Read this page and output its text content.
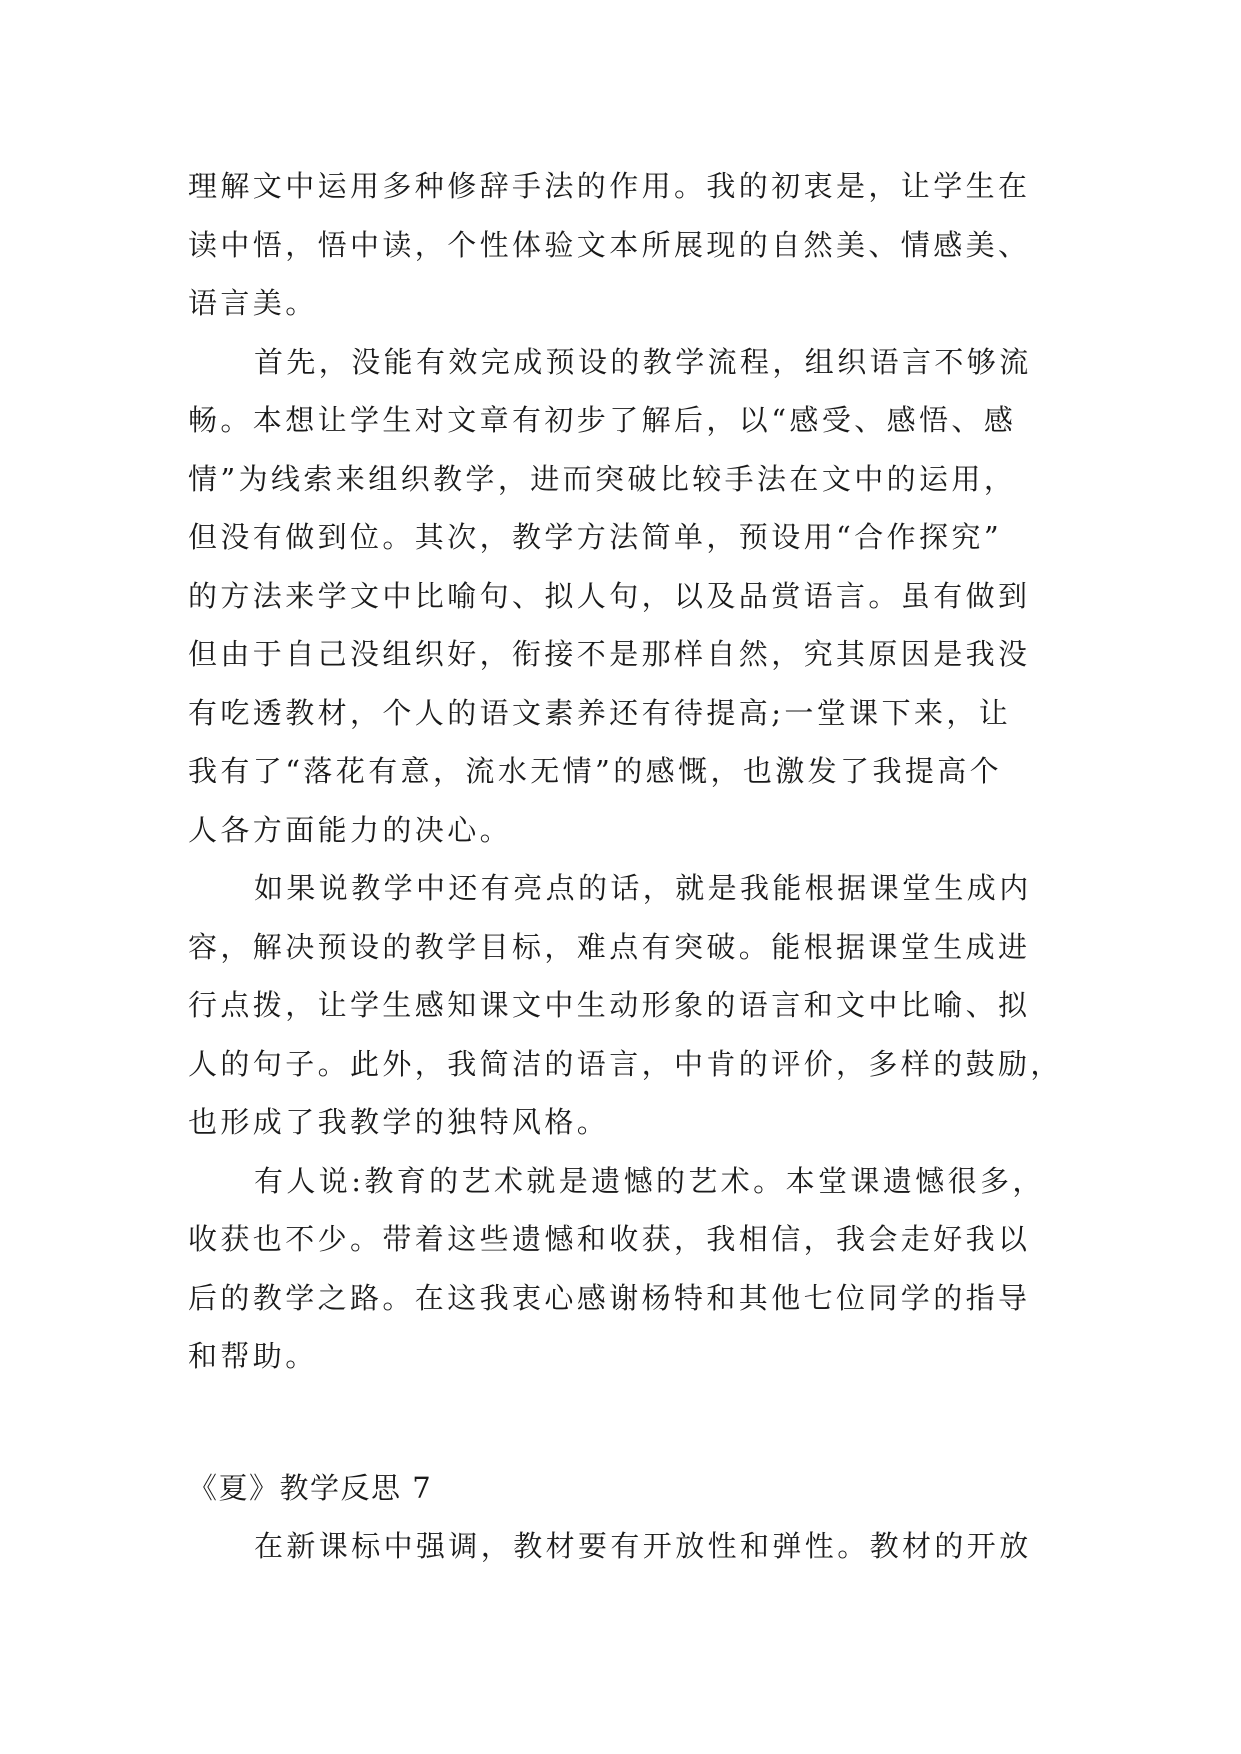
理解文中运用多种修辞手法的作用。我的初衷是，让学生在
读中悟，悟中读，个性体验文本所展现的自然美、情感美、
语言美。
首先，没能有效完成预设的教学流程，组织语言不够流
畅。本想让学生对文章有初步了解后，以“感受、感悟、感
情”为线索来组织教学，进而突破比较手法在文中的运用，
但没有做到位。其次，教学方法简单，预设用“合作探究”
的方法来学文中比喻句、拟人句，以及品赏语言。虽有做到
但由于自己没组织好，衔接不是那样自然，究其原因是我没
有吃透教材，个人的语文素养还有待提高;一堂课下来，让
我有了“落花有意，流水无情”的感慨，也激发了我提高个
人各方面能力的决心。
如果说教学中还有亮点的话，就是我能根据课堂生成内
容，解决预设的教学目标，难点有突破。能根据课堂生成进
行点拨，让学生感知课文中生动形象的语言和文中比喻、拟
人的句子。此外，我简洁的语言，中肯的评价，多样的鼓励，
也形成了我教学的独特风格。
有人说:教育的艺术就是遗憾的艺术。本堂课遗憾很多，
收获也不少。带着这些遗憾和收获，我相信，我会走好我以
后的教学之路。在这我衷心感谢杨特和其他七位同学的指导
和帮助。
《夏》教学反思 7
在新课标中强调，教材要有开放性和弹性。教材的开放
